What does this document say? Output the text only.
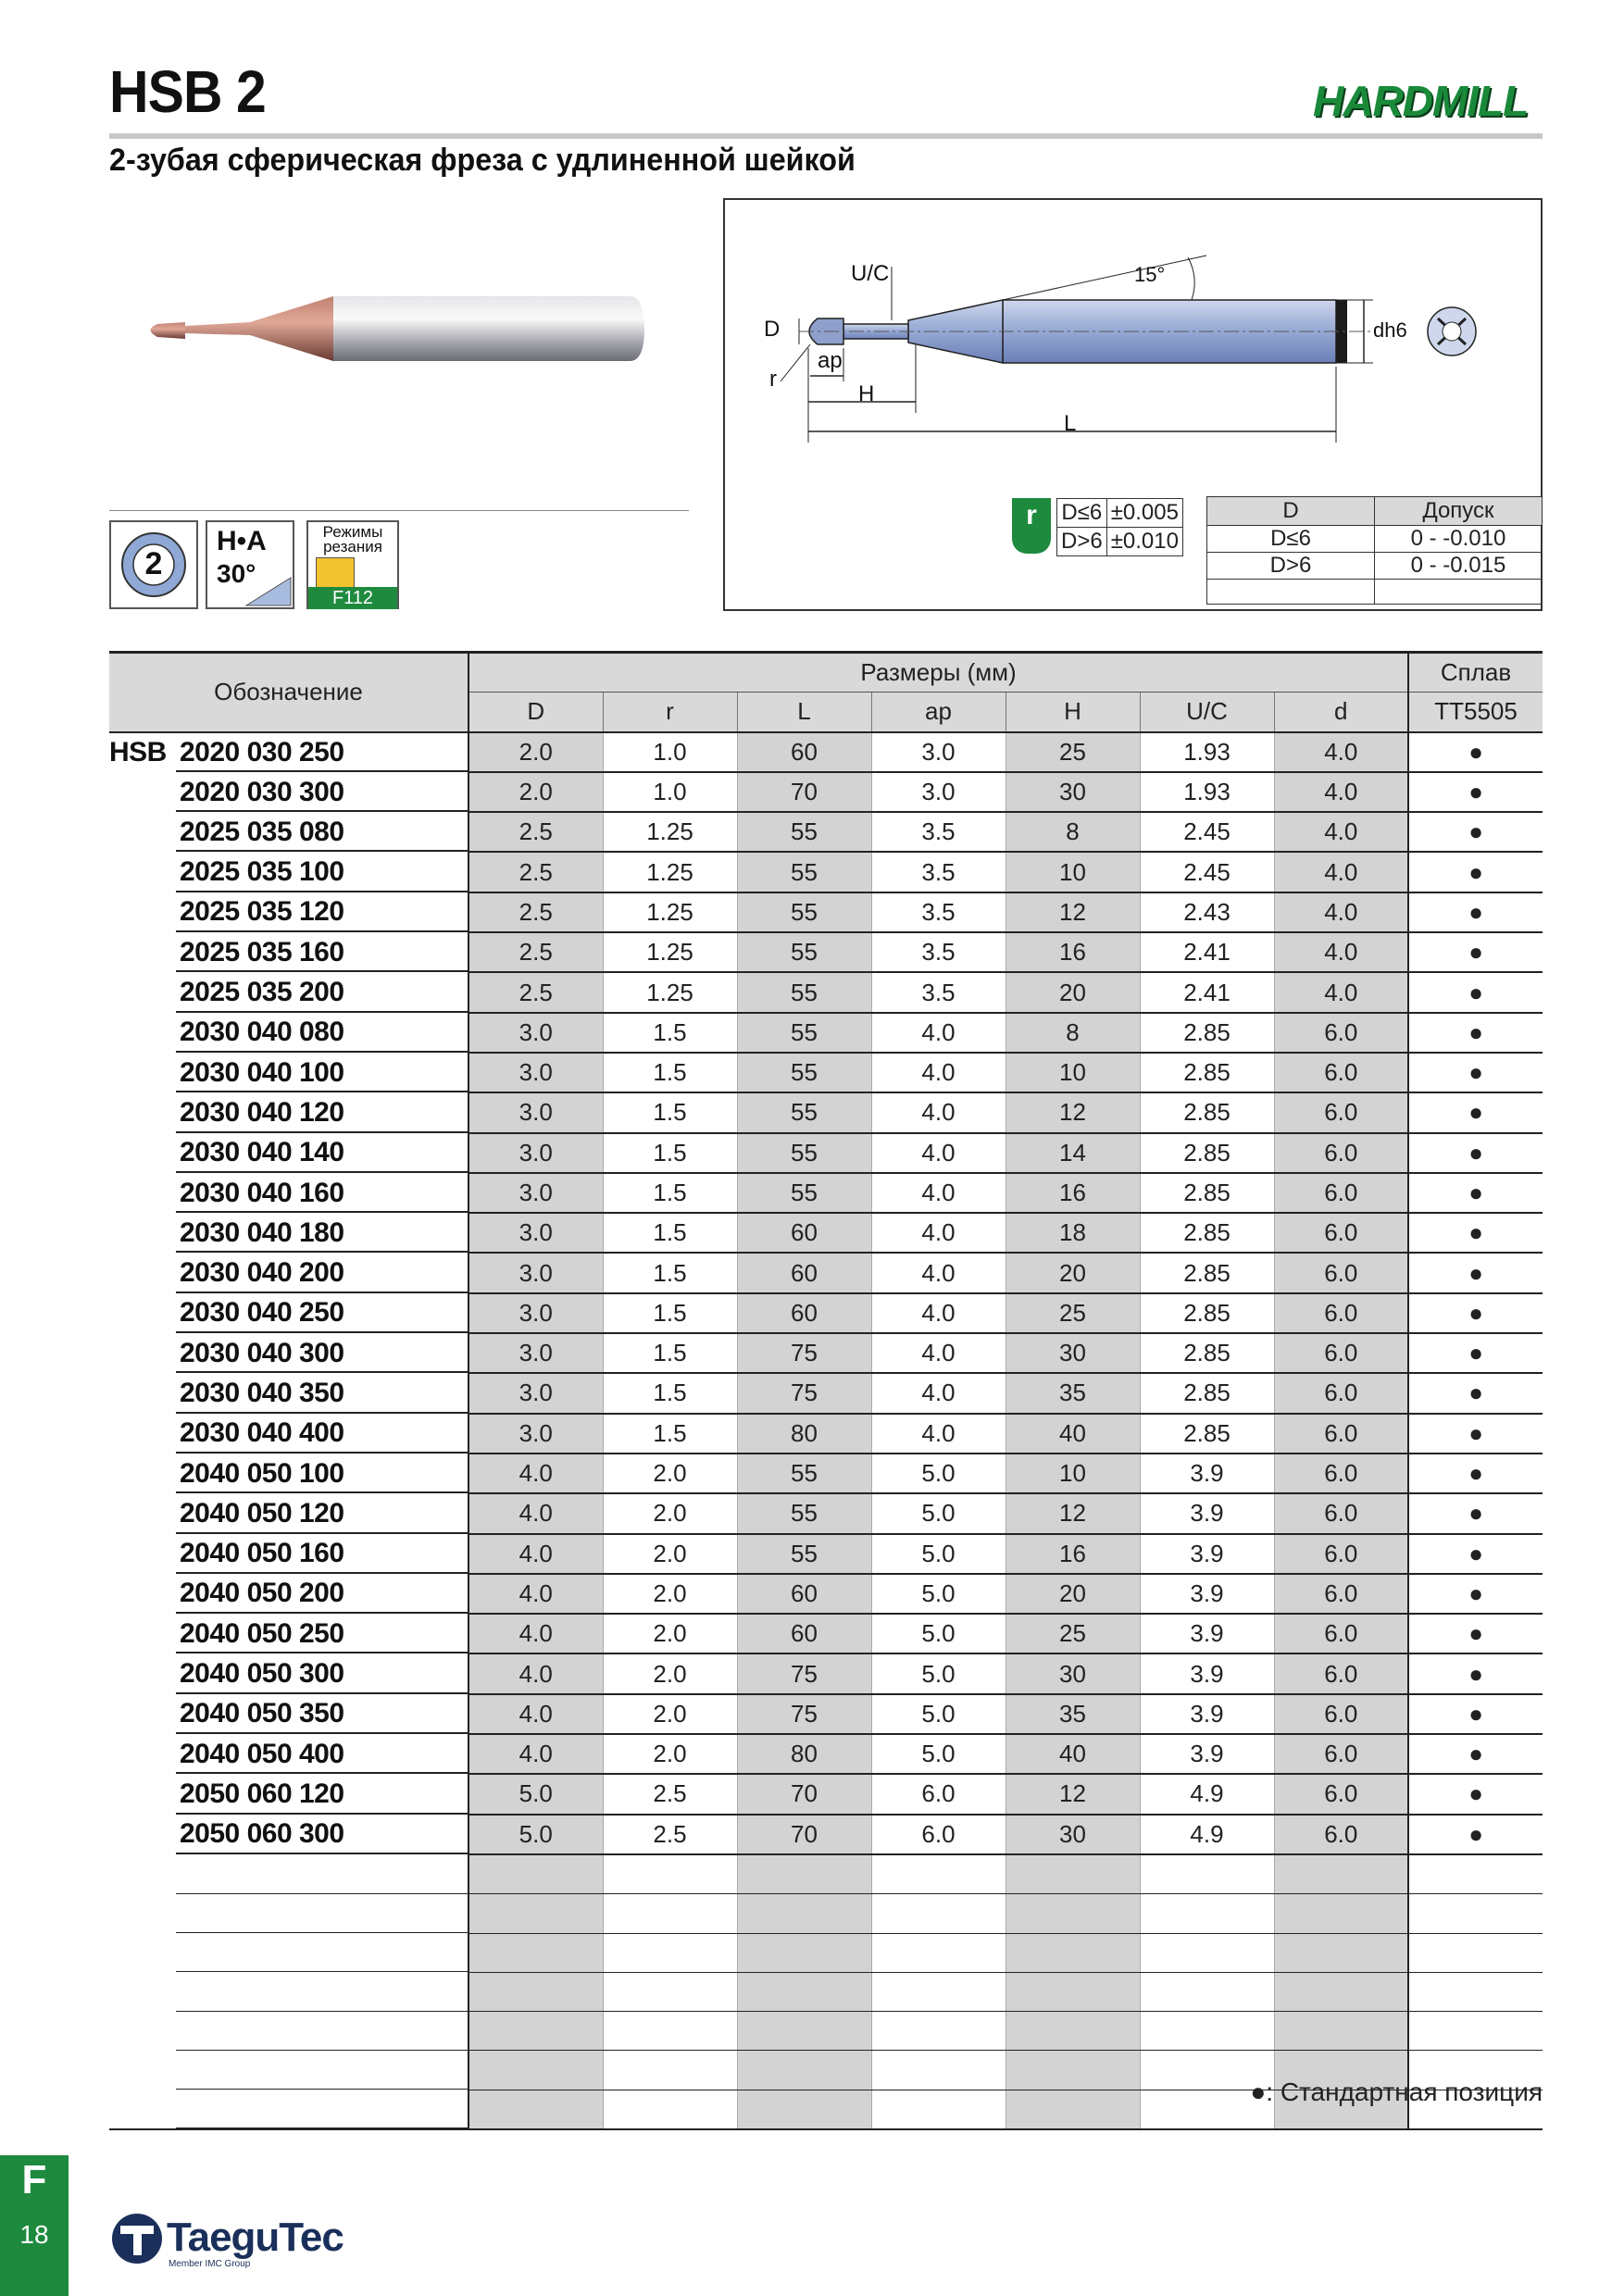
HSB 2	HARDMILL
2-зубая сферическая фреза с удлиненной шейкой
2
H•A
30°
Режимы
резания
F112
U/C	15°
D
ap
r
H
L
dh6
r	D≤6	±0.005
D>6	±0.010
D	Допуск
D≤6	0 - -0.010
D>6	0 - -0.015

Обозначение	Размеры (мм)							Сплав
	D	r	L	ap	H	U/C	d	TT5505
HSB 2020 030 250	2.0	1.0	60	3.0	25	1.93	4.0	●
2020 030 300	2.0	1.0	70	3.0	30	1.93	4.0	●
2025 035 080	2.5	1.25	55	3.5	8	2.45	4.0	●
2025 035 100	2.5	1.25	55	3.5	10	2.45	4.0	●
2025 035 120	2.5	1.25	55	3.5	12	2.43	4.0	●
2025 035 160	2.5	1.25	55	3.5	16	2.41	4.0	●
2025 035 200	2.5	1.25	55	3.5	20	2.41	4.0	●
2030 040 080	3.0	1.5	55	4.0	8	2.85	6.0	●
2030 040 100	3.0	1.5	55	4.0	10	2.85	6.0	●
2030 040 120	3.0	1.5	55	4.0	12	2.85	6.0	●
2030 040 140	3.0	1.5	55	4.0	14	2.85	6.0	●
2030 040 160	3.0	1.5	55	4.0	16	2.85	6.0	●
2030 040 180	3.0	1.5	60	4.0	18	2.85	6.0	●
2030 040 200	3.0	1.5	60	4.0	20	2.85	6.0	●
2030 040 250	3.0	1.5	60	4.0	25	2.85	6.0	●
2030 040 300	3.0	1.5	75	4.0	30	2.85	6.0	●
2030 040 350	3.0	1.5	75	4.0	35	2.85	6.0	●
2030 040 400	3.0	1.5	80	4.0	40	2.85	6.0	●
2040 050 100	4.0	2.0	55	5.0	10	3.9	6.0	●
2040 050 120	4.0	2.0	55	5.0	12	3.9	6.0	●
2040 050 160	4.0	2.0	55	5.0	16	3.9	6.0	●
2040 050 200	4.0	2.0	60	5.0	20	3.9	6.0	●
2040 050 250	4.0	2.0	60	5.0	25	3.9	6.0	●
2040 050 300	4.0	2.0	75	5.0	30	3.9	6.0	●
2040 050 350	4.0	2.0	75	5.0	35	3.9	6.0	●
2040 050 400	4.0	2.0	80	5.0	40	3.9	6.0	●
2050 060 120	5.0	2.5	70	6.0	12	4.9	6.0	●
2050 060 300	5.0	2.5	70	6.0	30	4.9	6.0	●

●: Стандартная позиция
F
18	TaeguTec
Member IMC Group
